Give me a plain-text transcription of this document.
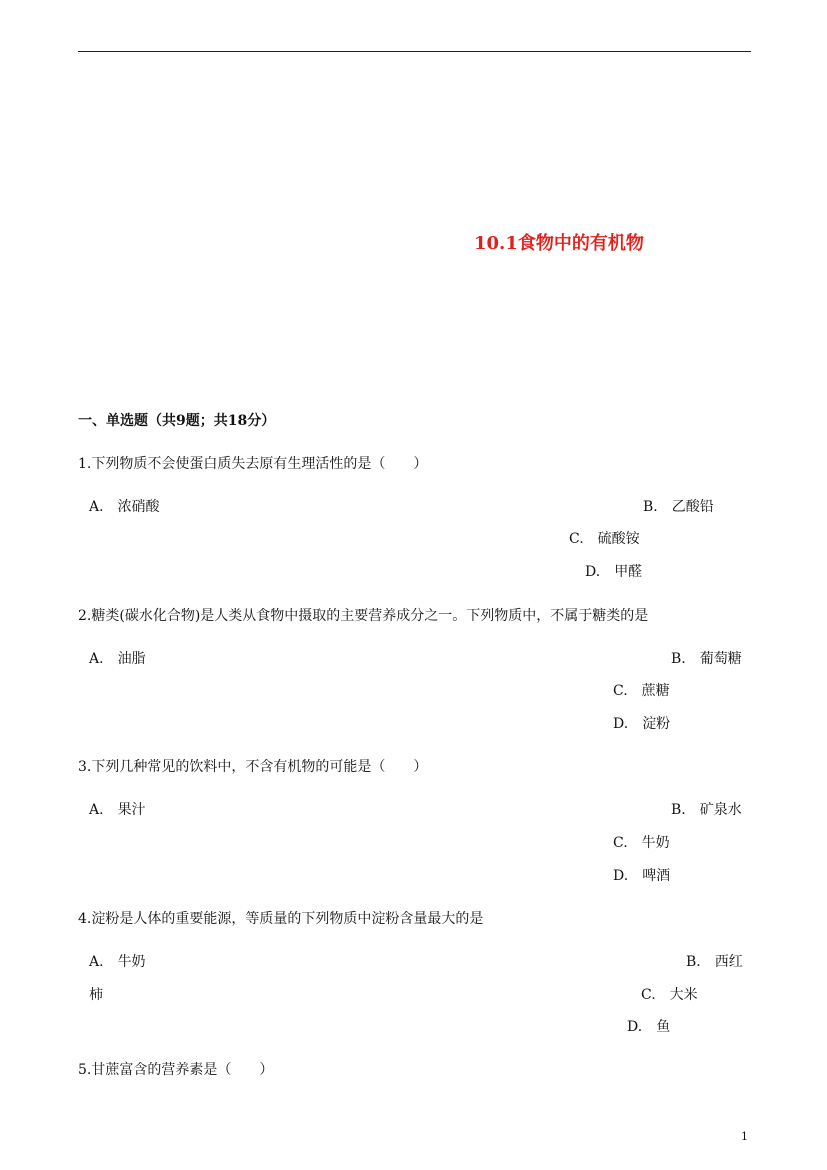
10.1食物中的有机物
一、单选题（共9题；共18分）
1.下列物质不会使蛋白质失去原有生理活性的是（　　）
A. 浓硝酸	B. 乙酸铅
C. 硫酸铵
D. 甲醛
2.糖类(碳水化合物)是人类从食物中摄取的主要营养成分之一。下列物质中，不属于糖类的是
A. 油脂	B. 葡萄糖
C. 蔗糖
D. 淀粉
3.下列几种常见的饮料中，不含有机物的可能是（　　）
A. 果汁	B. 矿泉水
C. 牛奶
D. 啤酒
4.淀粉是人体的重要能源，等质量的下列物质中淀粉含量最大的是
A. 牛奶	B. 西红
C. 大米
D. 鱼
5.甘蔗富含的营养素是（　　）
1
柿
